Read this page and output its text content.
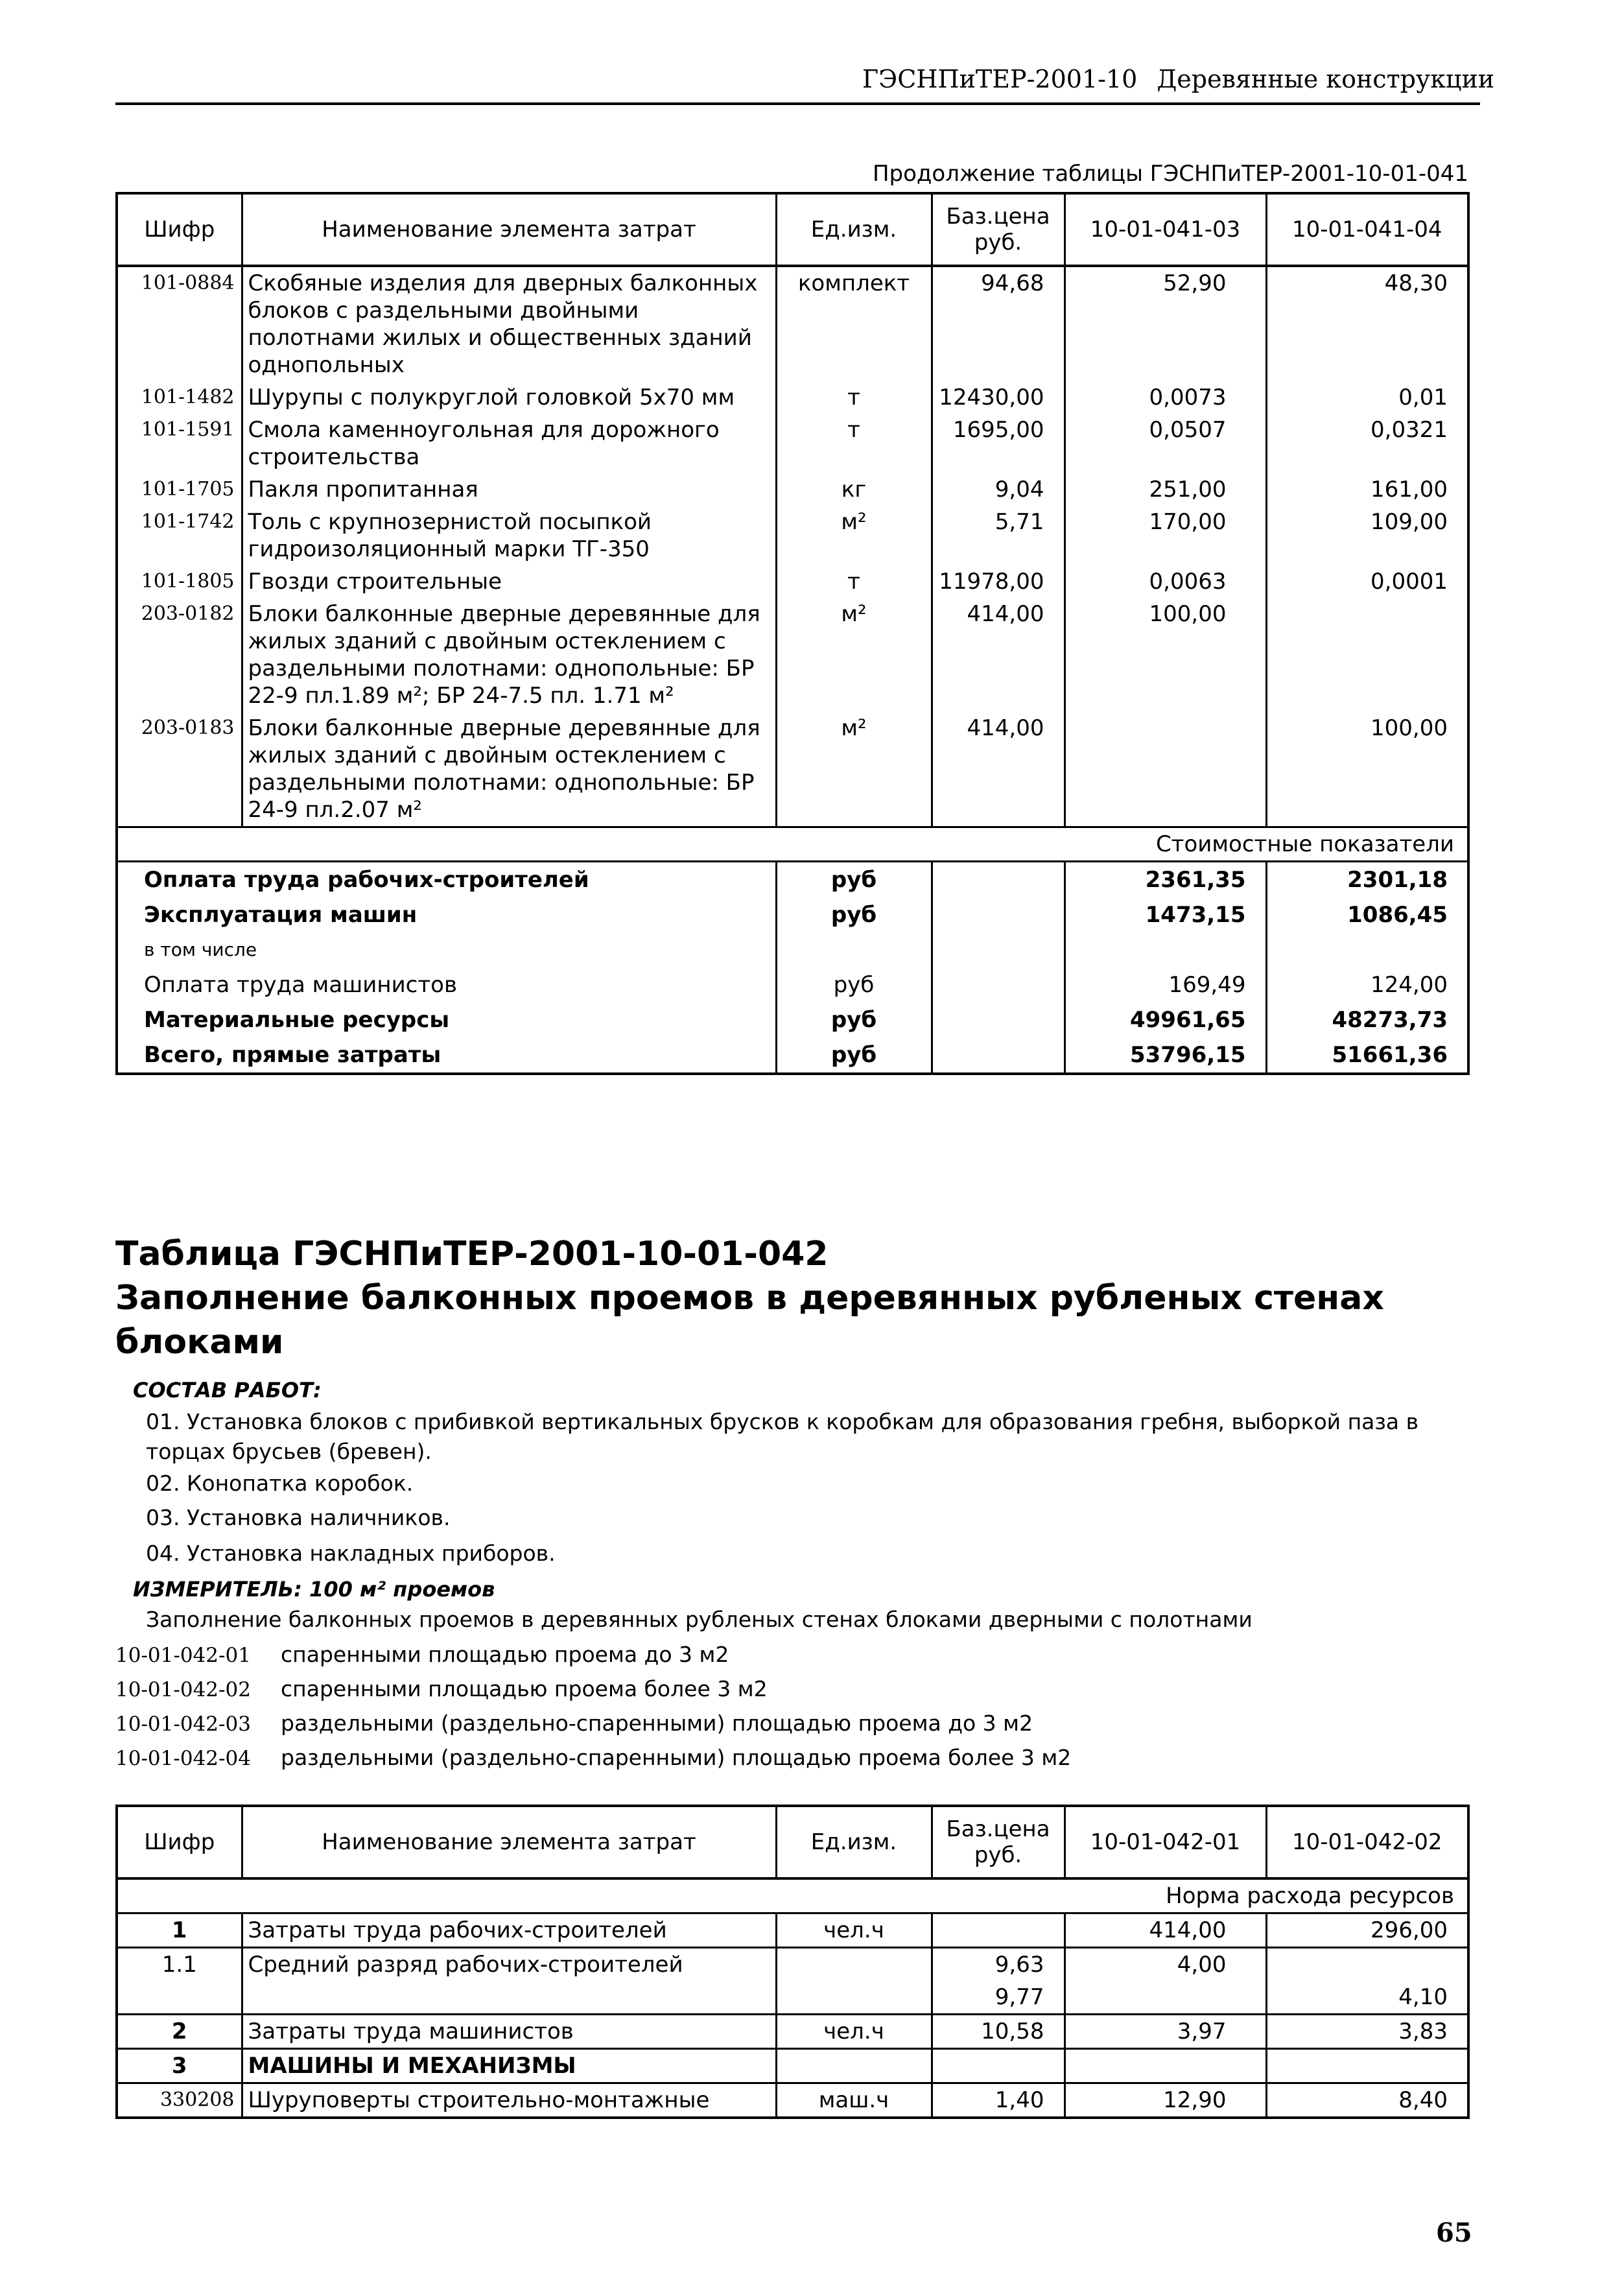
ГЭСНПиТЕР-2001-10 Деревянные конструкции
Продолжение таблицы ГЭСНПиТЕР-2001-10-01-041
Шифр	Наименование элемента затрат	Ед.изм.	Баз.цена руб.	10-01-041-03	10-01-041-04
101-0884	Скобяные изделия для дверных балконных блоков с раздельными двойными полотнами жилых и общественных зданий однопольных	комплект	94,68	52,90	48,30
101-1482	Шурупы с полукруглой головкой 5х70 мм	т	12430,00	0,0073	0,01
101-1591	Смола каменноугольная для дорожного строительства	т	1695,00	0,0507	0,0321
101-1705	Пакля пропитанная	кг	9,04	251,00	161,00
101-1742	Толь с крупнозернистой посыпкой гидроизоляционный марки ТГ-350	м²	5,71	170,00	109,00
101-1805	Гвозди строительные	т	11978,00	0,0063	0,0001
203-0182	Блоки балконные дверные деревянные для жилых зданий с двойным остеклением с раздельными полотнами: однопольные: БР 22-9 пл.1.89 м²; БР 24-7.5 пл. 1.71 м²	м²	414,00	100,00	
203-0183	Блоки балконные дверные деревянные для жилых зданий с двойным остеклением с раздельными полотнами: однопольные: БР 24-9 пл.2.07 м²	м²	414,00		100,00
Стоимостные показатели					
Оплата труда рабочих-строителей		руб		2361,35	2301,18
Эксплуатация машин		руб		1473,15	1086,45
в том числе					
Оплата труда машинистов		руб		169,49	124,00
Материальные ресурсы		руб		49961,65	48273,73
Всего, прямые затраты		руб		53796,15	51661,36
Таблица ГЭСНПиТЕР-2001-10-01-042
Заполнение балконных проемов в деревянных рубленых стенах
блоками
СОСТАВ РАБОТ:
01. Установка блоков с прибивкой вертикальных брусков к коробкам для образования гребня, выборкой паза в торцах брусьев (бревен).
02. Конопатка коробок.
03. Установка наличников.
04. Установка накладных приборов.
ИЗМЕРИТЕЛЬ: 100 м² проемов
Заполнение балконных проемов в деревянных рубленых стенах блоками дверными с полотнами
10-01-042-01 спаренными площадью проема до 3 м2
10-01-042-02 спаренными площадью проема более 3 м2
10-01-042-03 раздельными (раздельно-спаренными) площадью проема до 3 м2
10-01-042-04 раздельными (раздельно-спаренными) площадью проема более 3 м2
Шифр	Наименование элемента затрат	Ед.изм.	Баз.цена руб.	10-01-042-01	10-01-042-02
Норма расхода ресурсов					
1	Затраты труда рабочих-строителей	чел.ч		414,00	296,00
1.1	Средний разряд рабочих-строителей		9,63	4,00	
			9,77		4,10
2	Затраты труда машинистов	чел.ч	10,58	3,97	3,83
3	МАШИНЫ И МЕХАНИЗМЫ				
330208	Шуруповерты строительно-монтажные	маш.ч	1,40	12,90	8,40
65
